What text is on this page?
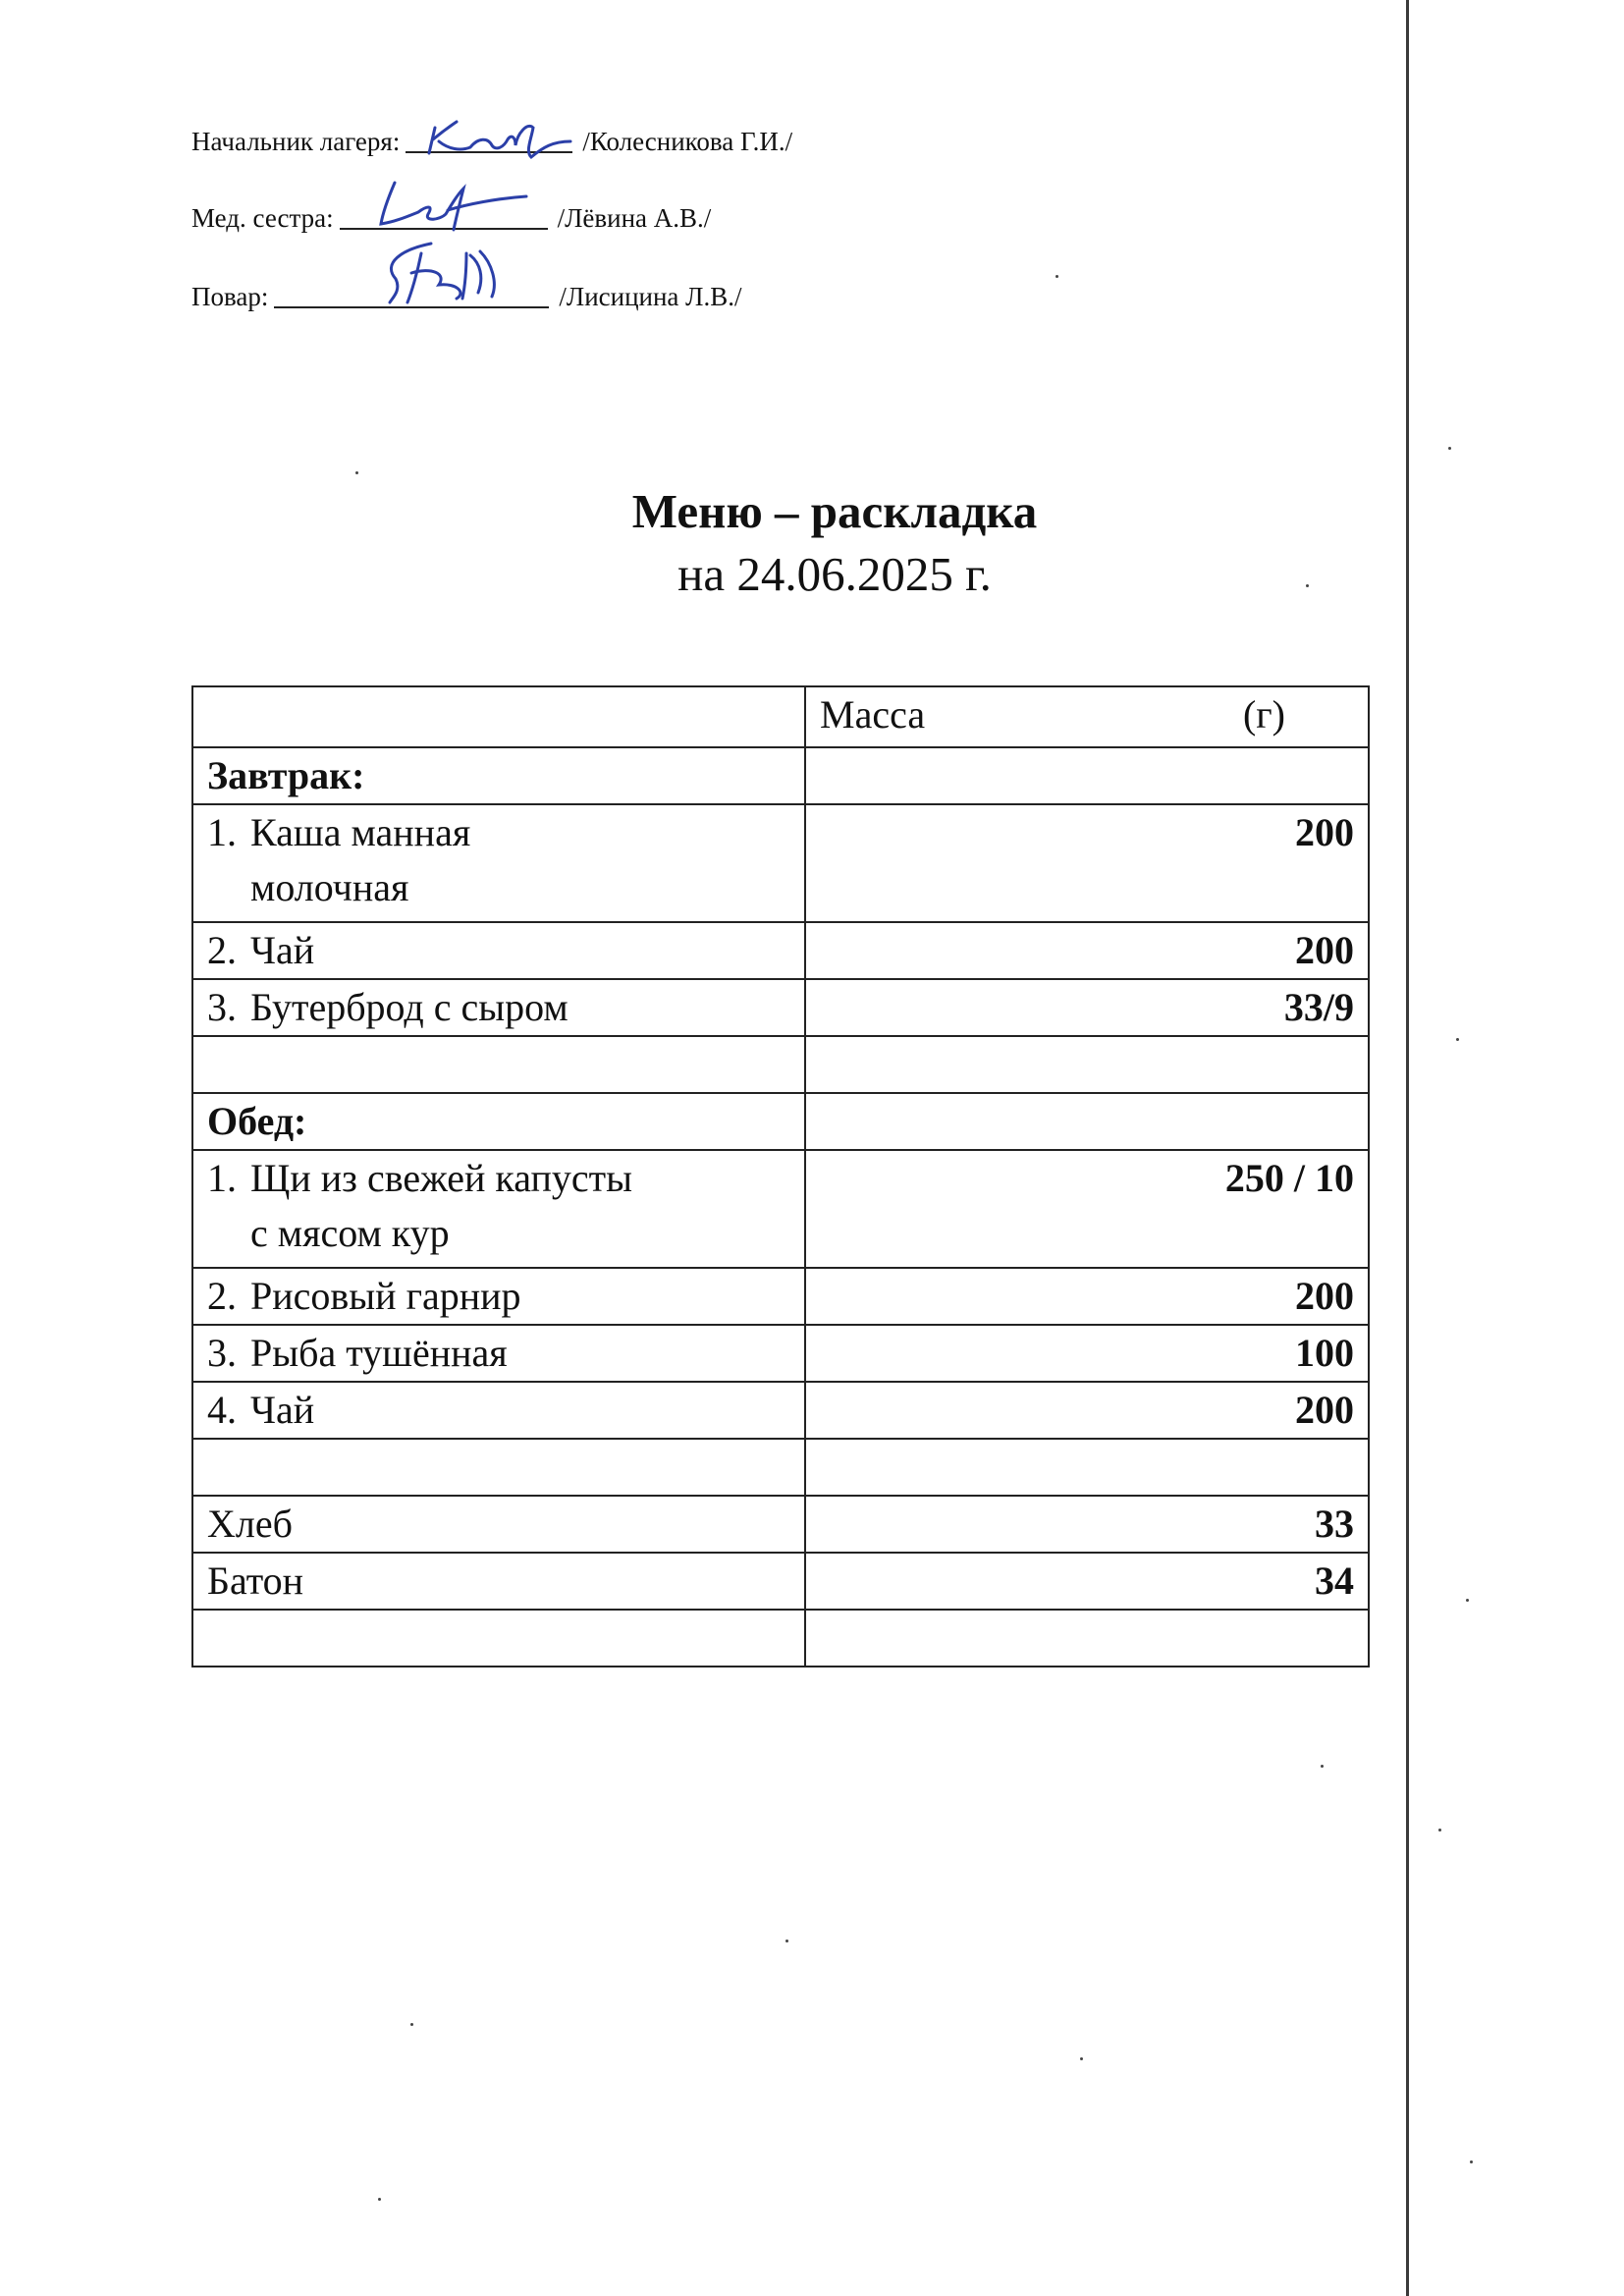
Начальник лагеря:	/Колесникова Г.И./
Мед. сестра:	/Лёвина А.В./
Повар:	/Лисицина Л.В./
Меню – раскладка
на 24.06.2025 г.
	Масса (г)

Завтрак:	
1. Каша манная
молочная	200
2. Чай	200
3. Бутерброд с сыром	33/9

Обед:	
1. Щи из свежей капусты
с мясом кур	250 / 10
2. Рисовый гарнир	200
3. Рыба тушённая	100
4. Чай	200

Хлеб	33
Батон	34
